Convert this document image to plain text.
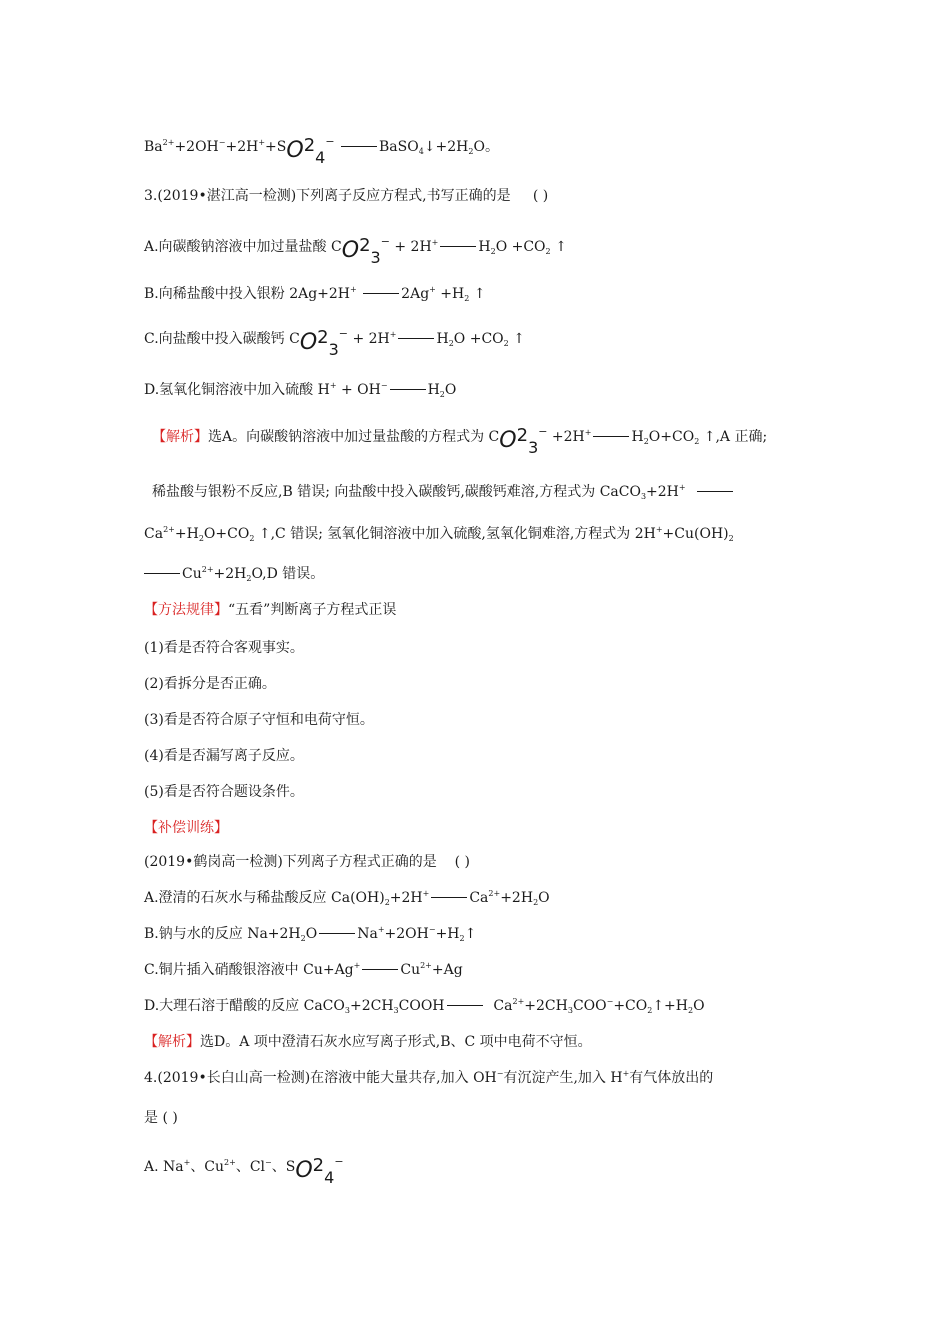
$Ba^{2+}+2OH^-+2H^++SO24^-$	$BaSO_4↓+2H_2O$。
3.(2019•湛江高一检测)下列离子反应方程式,书写正确的是 ( )
A.向碳酸钠溶液中加过量盐酸 CO23− + 2H+	$H_2O +CO_2$ ↑
B.向稀盐酸中投入银粉 2Ag+2H+	$2Ag^+ +H_2$ ↑
C.向盐酸中投入碳酸钙 CO23− + 2H+	$H_2O +CO_2$ ↑
D.氢氧化铜溶液中加入硫酸 H+ + OH−	$H_2O$
【解析】选A。向碳酸钠溶液中加过量盐酸的方程式为 CO23− +2H+	$H_2O+CO_2$ ↑,A 正确;
稀盐酸与银粉不反应,B 错误; 向盐酸中投入碳酸钙,碳酸钙难溶,方程式为 CaCO$_3$+2H+
$Ca^{2+}+H_2O+CO_2$ ↑,C 错误; 氢氧化铜溶液中加入硫酸,氢氧化铜难溶,方程式为 $2H^++Cu(OH)_2$
$Cu^{2+}+2H_2O,D$ 错误。
【方法规律】“五看”判断离子方程式正误
(1)看是否符合客观事实。
(2)看拆分是否正确。
(3)看是否符合原子守恒和电荷守恒。
(4)看是否漏写离子反应。
(5)看是否符合题设条件。
【补偿训练】
(2019•鹤岗高一检测)下列离子方程式正确的是 ( )
A.澄清的石灰水与稀盐酸反应 $Ca(OH)_2+2H^+$	$Ca^{2+}+2H_2O$
B.钠与水的反应 $Na+2H_2O$	$Na^++2OH^-+H_2↑$
C.铜片插入硝酸银溶液中 Cu+Ag+	$Cu^{2+}+Ag$
D.大理石溶于醋酸的反应 $CaCO_3+2CH_3COOH$	$Ca^{2+}+2CH_3COO^-+CO_2↑+H_2O$
【解析】选D。A 项中澄清石灰水应写离子形式,B、C 项中电荷不守恒。
4.(2019•长白山高一检测)在溶液中能大量共存,加入 OH−有沉淀产生,加入 H+有气体放出的
是 ( )
A. Na+、$Cu^{2+}$、Cl−、SO24−
